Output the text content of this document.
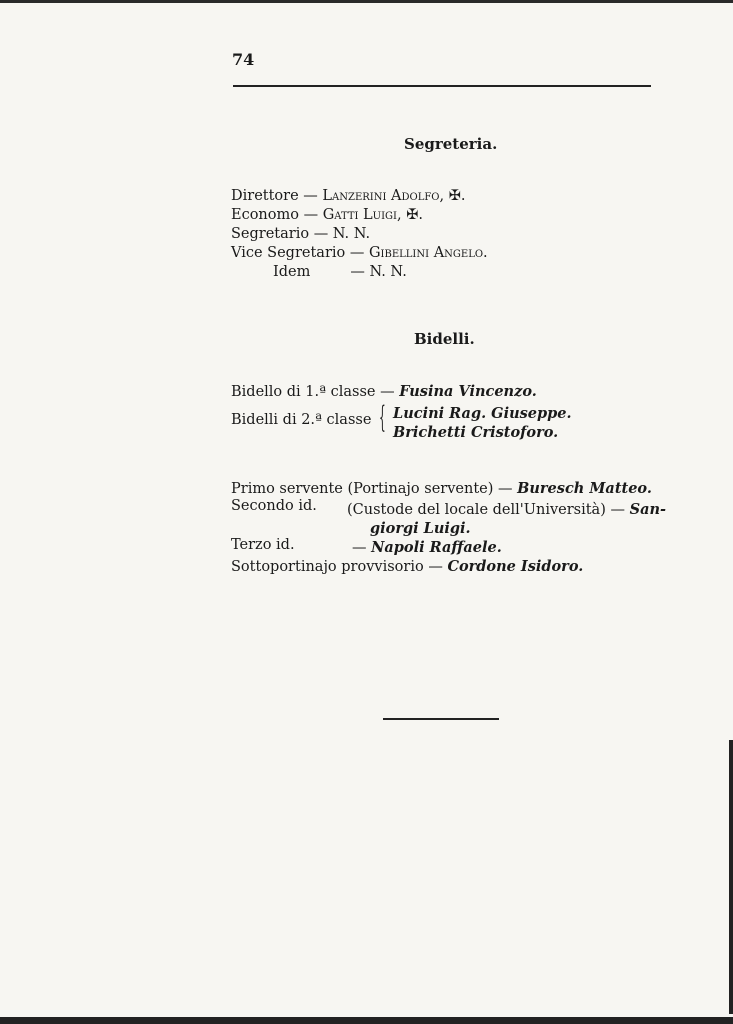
74
Segreteria.
Direttore — Lanzerini Adolfo, ✠.
Economo — Gatti Luigi, ✠.
Segretario — N. N.
Vice Segretario — Gibellini Angelo.
Idem	— N. N.
Bidelli.
Bidello di 1.ª classe — Fusina Vincenzo.
Bidelli di 2.ª classe { Lucini Rag. Giuseppe.
Brichetti Cristoforo.
Primo servente (Portinajo servente) — Buresch Matteo.
Secondo id. (Custode del locale dell'Università) — San-
giorgi Luigi.
Terzo id.	— Napoli Raffaele.
Sottoportinajo provvisorio — Cordone Isidoro.
